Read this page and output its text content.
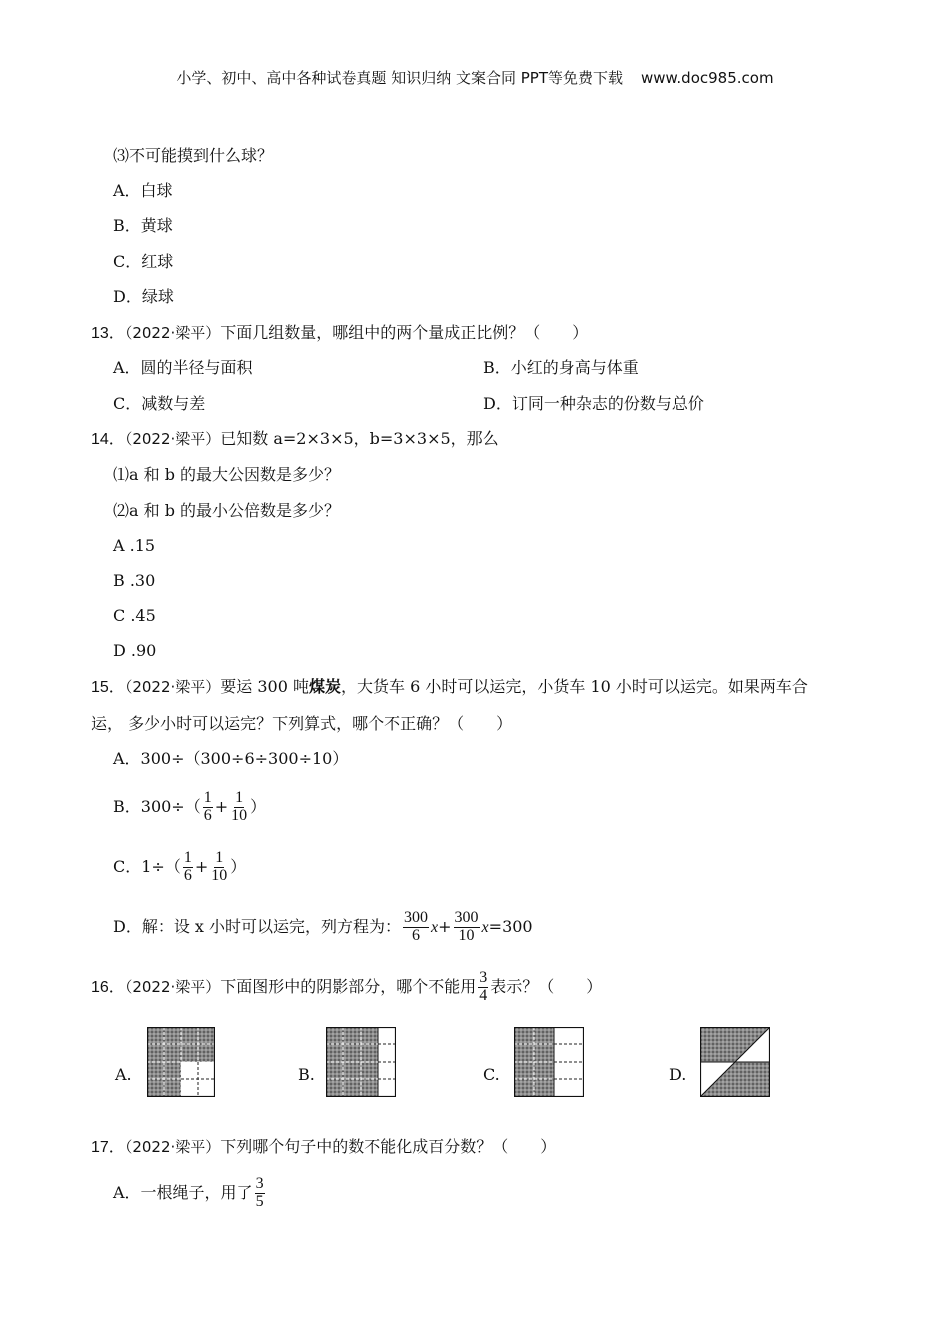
小学、初中、高中各种试卷真题 知识归纳 文案合同 PPT等免费下载 www.doc985.com
⑶不可能摸到什么球？
A．白球
B．黄球
C．红球
D．绿球
13．（2022·梁平）下面几组数量，哪组中的两个量成正比例？（　　）
A．圆的半径与面积	B．小红的身高与体重
C．减数与差	D．订同一种杂志的份数与总价
14．（2022·梁平）已知数 a=2×3×5，b=3×3×5，那么
⑴a 和 b 的最大公因数是多少？
⑵a 和 b 的最小公倍数是多少？
A .15
B .30
C .45
D .90
15．（2022·梁平）要运 300 吨煤炭，大货车 6 小时可以运完，小货车 10 小时可以运完。如果两车合
运， 多少小时可以运完？下列算式，哪个不正确？（　　）
A．300÷（300÷6÷300÷10）
B．$300\div( \frac{1}{6} + \frac{1}{10}$ ）
C．$1\div( \frac{1}{6} + \frac{1}{10}$ ）
D．解：设 x 小时可以运完，列方程为： $\frac{300}{6} x+ \frac{300}{10} x=300$
16．（2022·梁平）下面图形中的阴影部分，哪个不能用 $\frac{3}{4}$ 表示？（　　）
A.	B.	C.	D.
17．（2022·梁平）下列哪个句子中的数不能化成百分数？（　　）
A．一根绳子，用了 $\frac{3}{5}$
